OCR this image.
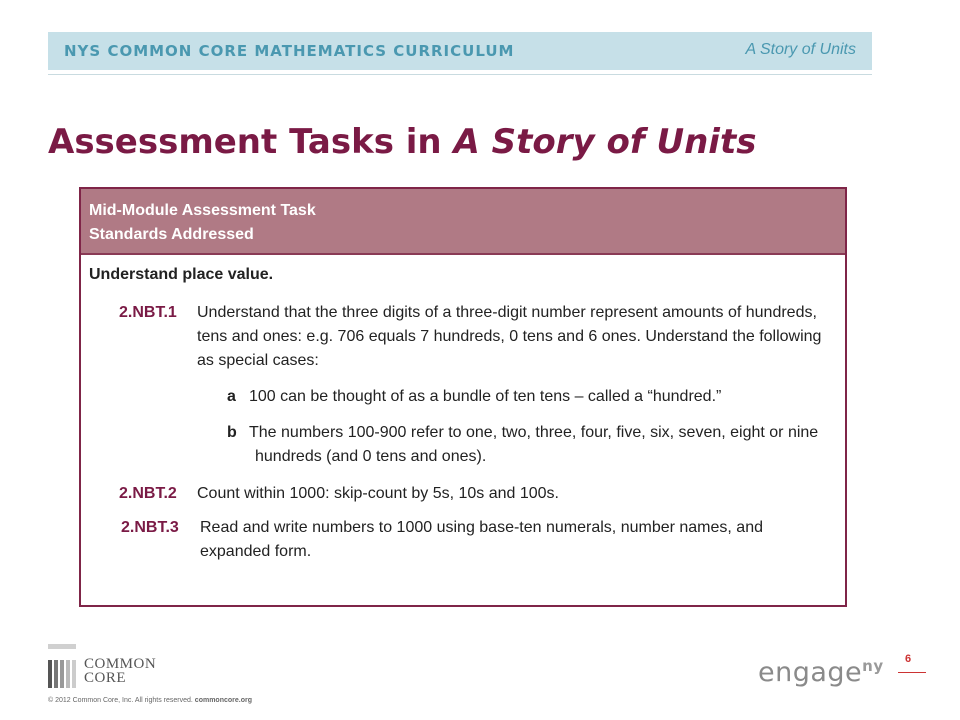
NYS COMMON CORE MATHEMATICS CURRICULUM	A Story of Units
Assessment Tasks in A Story of Units
Mid-Module Assessment Task
Standards Addressed
Understand place value.
2.NBT.1 Understand that the three digits of a three-digit number represent amounts of hundreds, tens and ones: e.g. 706 equals 7 hundreds, 0 tens and 6 ones. Understand the following as special cases:
a 100 can be thought of as a bundle of ten tens – called a “hundred.”
b The numbers 100-900 refer to one, two, three, four, five, six, seven, eight or nine
hundreds (and 0 tens and ones).
2.NBT.2 Count within 1000: skip-count by 5s, 10s and 100s.
2.NBT.3 Read and write numbers to 1000 using base-ten numerals, number names, and expanded form.
COMMON
CORE
© 2012 Common Core, Inc. All rights reserved. commoncore.org
engage$^{ny}$ 6
